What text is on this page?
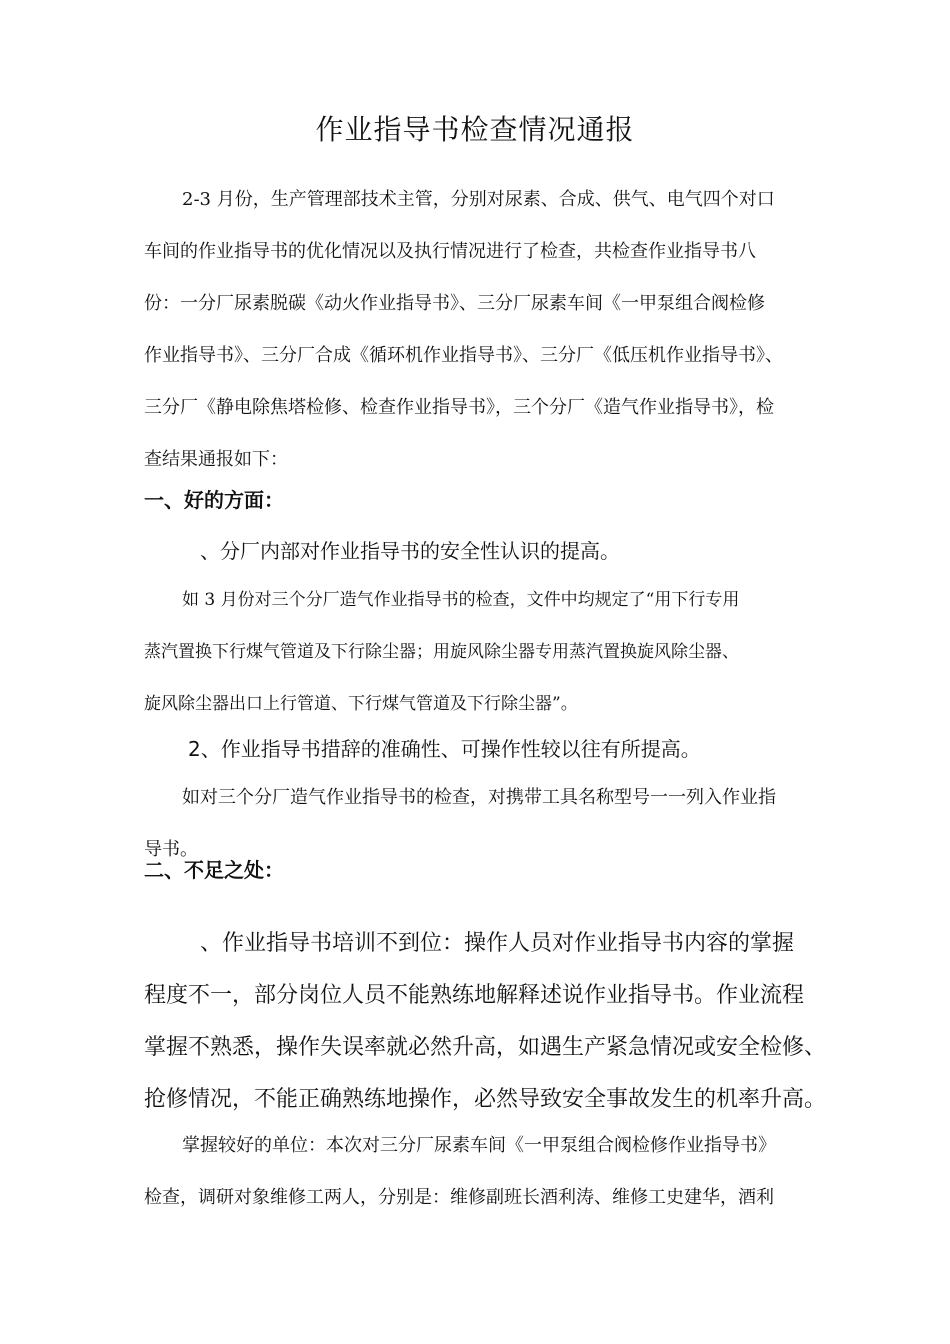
作业指导书检查情况通报
2-3 月份，生产管理部技术主管，分别对尿素、合成、供气、电气四个对口
车间的作业指导书的优化情况以及执行情况进行了检查，共检查作业指导书八
份：一分厂尿素脱碳《动火作业指导书》、三分厂尿素车间《一甲泵组合阀检修
作业指导书》、三分厂合成《循环机作业指导书》、三分厂《低压机作业指导书》、
三分厂《静电除焦塔检修、检查作业指导书》，三个分厂《造气作业指导书》，检
查结果通报如下：
一、好的方面：

、分厂内部对作业指导书的安全性认识的提高。

如 3 月份对三个分厂造气作业指导书的检查，文件中均规定了“用下行专用
蒸汽置换下行煤气管道及下行除尘器；用旋风除尘器专用蒸汽置换旋风除尘器、
旋风除尘器出口上行管道、下行煤气管道及下行除尘器”。

2、作业指导书措辞的准确性、可操作性较以往有所提高。

如对三个分厂造气作业指导书的检查，对携带工具名称型号一一列入作业指
导书。
二、不足之处：
、作业指导书培训不到位：操作人员对作业指导书内容的掌握
程度不一，部分岗位人员不能熟练地解释述说作业指导书。作业流程
掌握不熟悉，操作失误率就必然升高，如遇生产紧急情况或安全检修、
抢修情况，不能正确熟练地操作，必然导致安全事故发生的机率升高。
掌握较好的单位：本次对三分厂尿素车间《一甲泵组合阀检修作业指导书》
检查，调研对象维修工两人，分别是：维修副班长酒利涛、维修工史建华，酒利
